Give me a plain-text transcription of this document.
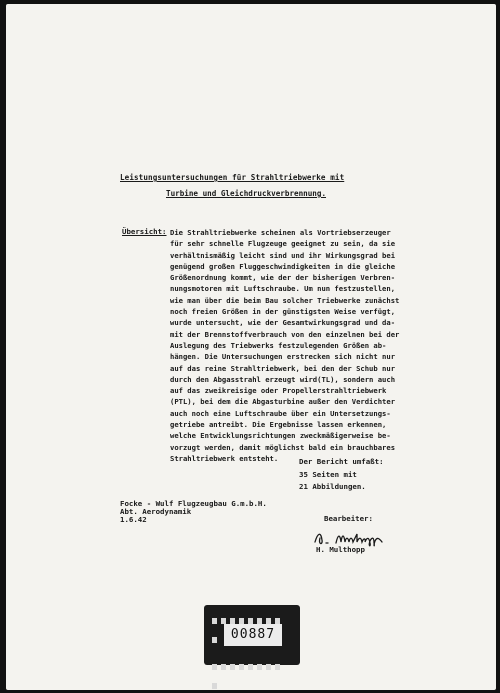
Leistungsuntersuchungen für Strahltriebwerke mit
Turbine und Gleichdruckverbrennung.
Übersicht: Die Strahltriebwerke scheinen als Vortriebserzeuger
für sehr schnelle Flugzeuge geeignet zu sein, da sie
verhältnismäßig leicht sind und ihr Wirkungsgrad bei
genügend großen Fluggeschwindigkeiten in die gleiche
Größenordnung kommt, wie der der bisherigen Verbren-
nungsmotoren mit Luftschraube. Um nun festzustellen,
wie man über die beim Bau solcher Triebwerke zunächst
noch freien Größen in der günstigsten Weise verfügt,
wurde untersucht, wie der Gesamtwirkungsgrad und da-
mit der Brennstoffverbrauch von den einzelnen bei der
Auslegung des Triebwerks festzulegenden Größen ab-
hängen. Die Untersuchungen erstrecken sich nicht nur
auf das reine Strahltriebwerk, bei den der Schub nur
durch den Abgasstrahl erzeugt wird(TL), sondern auch
auf das zweikreisige oder Propellerstrahltriebwerk
(PTL), bei dem die Abgasturbine außer den Verdichter
auch noch eine Luftschraube über ein Untersetzungs-
getriebe antreibt. Die Ergebnisse lassen erkennen,
welche Entwicklungsrichtungen zweckmäßigerweise be-
vorzugt werden, damit möglichst bald ein brauchbares
Strahltriebwerk entsteht.	Der Bericht umfaßt:
35 Seiten mit
21 Abbildungen.
Focke - Wulf Flugzeugbau G.m.b.H.
Abt. Aerodynamik
1.6.42	Bearbeiter:
H. Multhopp
00887
